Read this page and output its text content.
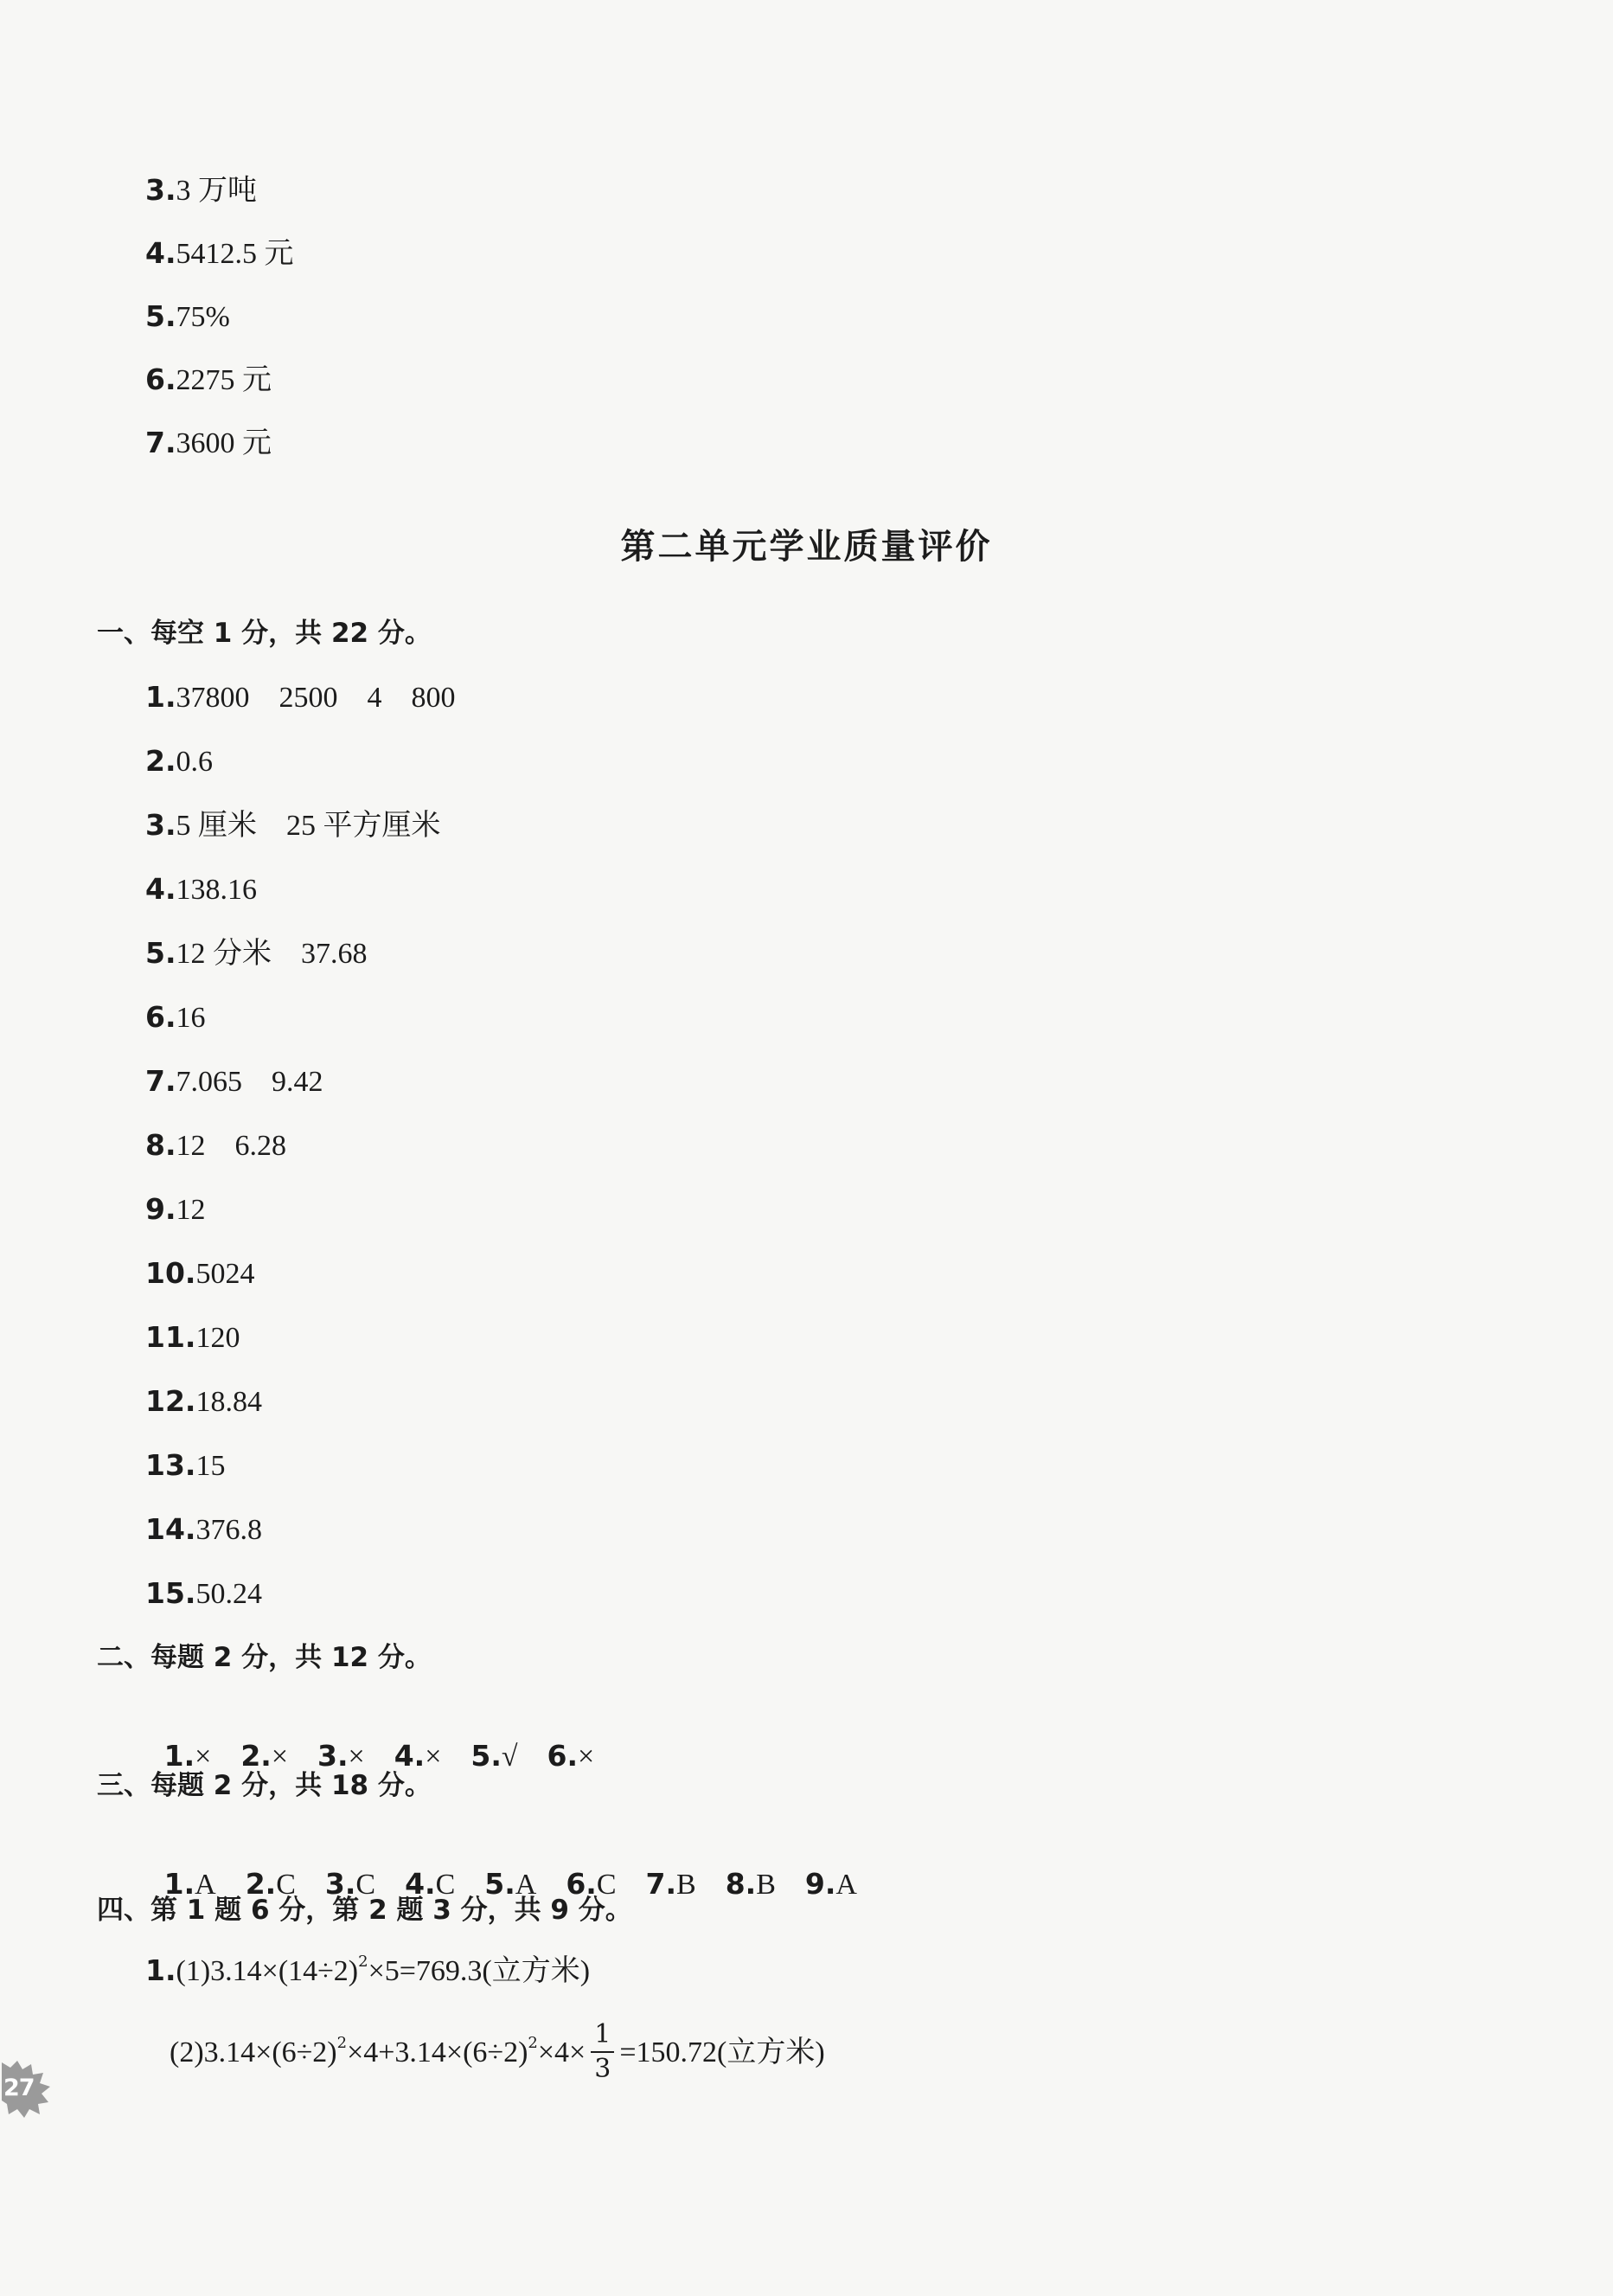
3.3 万吨
4.5412.5 元
5.75%
6.2275 元
7.3600 元
第二单元学业质量评价
一、每空 1 分，共 22 分。
1.37800 2500 4 800
2.0.6
3.5 厘米 25 平方厘米
4.138.16
5.12 分米 37.68
6.16
7.7.065 9.42
8.12 6.28
9.12
10.5024
11.120
12.18.84
13.15
14.376.8
15.50.24
二、每题 2 分，共 12 分。

1.× 2.× 3.× 4.× 5.√ 6.×

三、每题 2 分，共 18 分。

1.A 2.C 3.C 4.C 5.A 6.C 7.B 8.B 9.A

四、第 1 题 6 分，第 2 题 3 分，共 9 分。
$1.(1)3.14\times(14\div 2)^2\times 5=769.3$(立方米)
$(2)3.14\times(6\div 2)^2\times 4+3.14\times(6\div 2)^2\times 4\times \frac{1}{3} =150.72$(立方米)
27
